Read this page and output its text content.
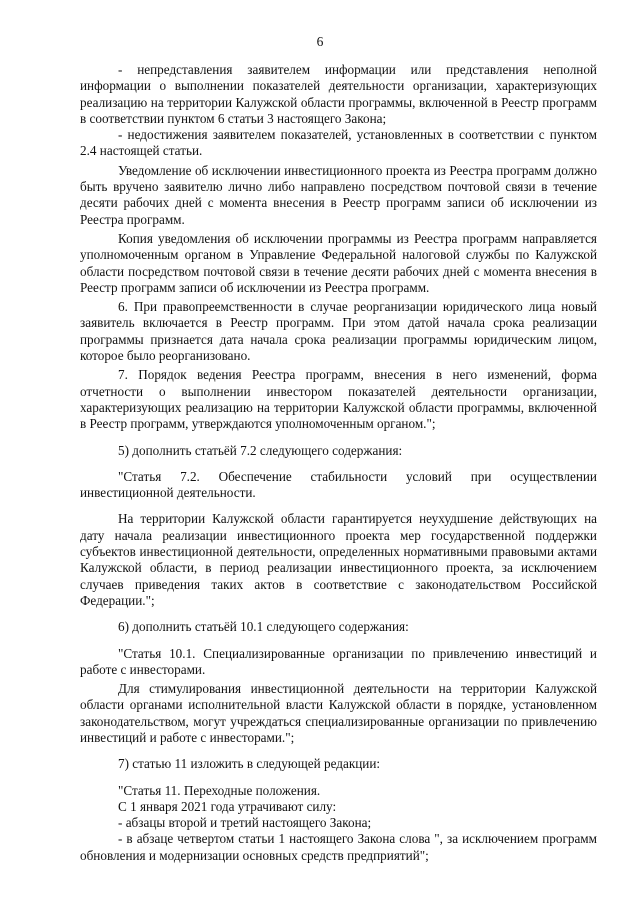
6

- непредставления заявителем информации или представления неполной информации о выполнении показателей деятельности организации, характеризующих реализацию на территории Калужской области программы, включенной в Реестр программ в соответствии пунктом 6 статьи 3 настоящего Закона;

- недостижения заявителем показателей, установленных в соответствии с пунктом 2.4 настоящей статьи.

Уведомление об исключении инвестиционного проекта из Реестра программ должно быть вручено заявителю лично либо направлено посредством почтовой связи в течение десяти рабочих дней с момента внесения в Реестр программ записи об исключении из Реестра программ.

Копия уведомления об исключении программы из Реестра программ направляется уполномоченным органом в Управление Федеральной налоговой службы по Калужской области посредством почтовой связи в течение десяти рабочих дней с момента внесения в Реестр программ записи об исключении из Реестра программ.

6. При правопреемственности в случае реорганизации юридического лица новый заявитель включается в Реестр программ. При этом датой начала срока реализации программы признается дата начала срока реализации программы юридическим лицом, которое было реорганизовано.

7. Порядок ведения Реестра программ, внесения в него изменений, форма отчетности о выполнении инвестором показателей деятельности организации, характеризующих реализацию на территории Калужской области программы, включенной в Реестр программ, утверждаются уполномоченным органом.";

5) дополнить статьёй 7.2 следующего содержания:

"Статья 7.2. Обеспечение стабильности условий при осуществлении инвестиционной деятельности.

На территории Калужской области гарантируется неухудшение действующих на дату начала реализации инвестиционного проекта мер государственной поддержки субъектов инвестиционной деятельности, определенных нормативными правовыми актами Калужской области, в период реализации инвестиционного проекта, за исключением случаев приведения таких актов в соответствие с законодательством Российской Федерации.";

6) дополнить статьёй 10.1 следующего содержания:

"Статья 10.1. Специализированные организации по привлечению инвестиций и работе с инвесторами.

Для стимулирования инвестиционной деятельности на территории Калужской области органами исполнительной власти Калужской области в порядке, установленном законодательством, могут учреждаться специализированные организации по привлечению инвестиций и работе с инвесторами.";

7) статью 11 изложить в следующей редакции:

"Статья 11. Переходные положения.

С 1 января 2021 года утрачивают силу:

- абзацы второй и третий настоящего Закона;

- в абзаце четвертом статьи 1 настоящего Закона слова ", за исключением программ обновления и модернизации основных средств предприятий";
